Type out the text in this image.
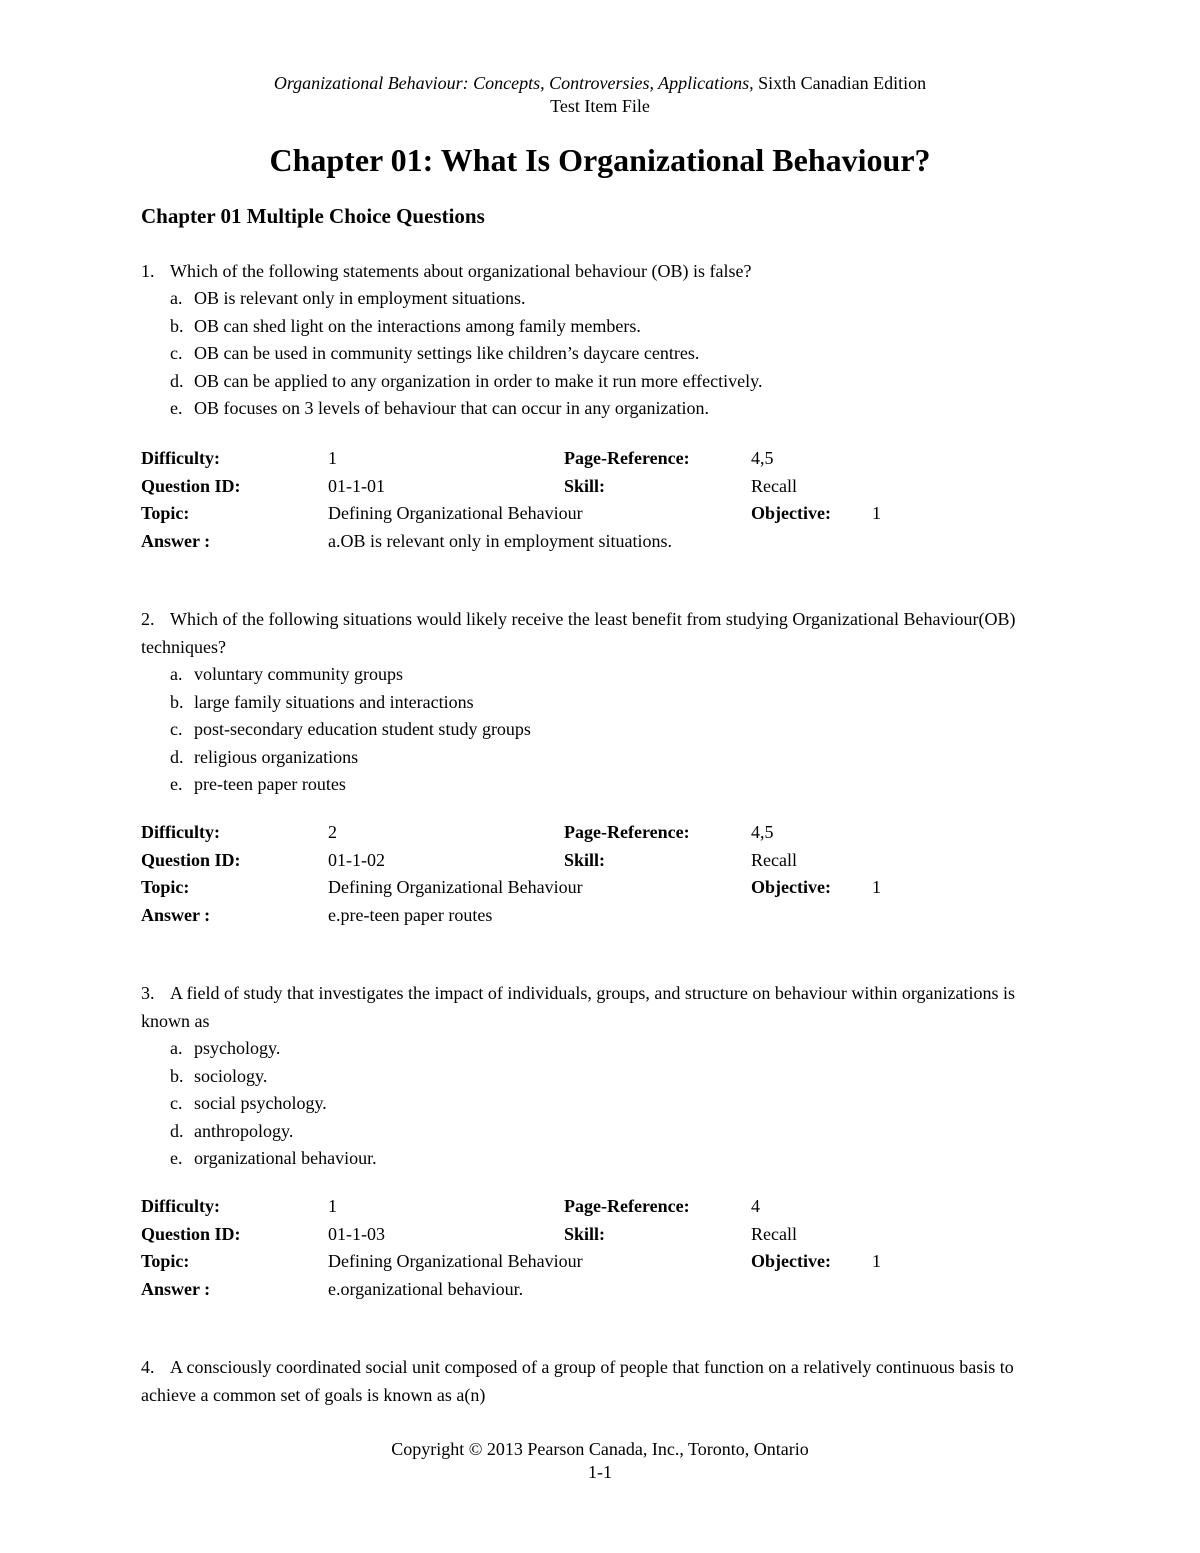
Organizational Behaviour: Concepts, Controversies, Applications, Sixth Canadian Edition
Test Item File
Chapter 01: What Is Organizational Behaviour?
Chapter 01 Multiple Choice Questions

1. Which of the following statements about organizational behaviour (OB) is false?

a. OB is relevant only in employment situations.
b. OB can shed light on the interactions among family members.
c. OB can be used in community settings like children’s daycare centres.
d. OB can be applied to any organization in order to make it run more effectively.
e. OB focuses on 3 levels of behaviour that can occur in any organization.
Difficulty:	1	Page-Reference:	4,5
Question ID:	01-1-01	Skill:	Recall
Topic:	Defining Organizational Behaviour	Objective: 1
Answer :	a.OB is relevant only in employment situations.

2. Which of the following situations would likely receive the least benefit from studying Organizational Behaviour(OB) techniques?

a. voluntary community groups
b. large family situations and interactions
c. post-secondary education student study groups
d. religious organizations
e. pre-teen paper routes
Difficulty:	2	Page-Reference:	4,5
Question ID:	01-1-02	Skill:	Recall
Topic:	Defining Organizational Behaviour	Objective: 1
Answer :	e.pre-teen paper routes

3. A field of study that investigates the impact of individuals, groups, and structure on behaviour within organizations is known as

a. psychology.
b. sociology.
c. social psychology.
d. anthropology.
e. organizational behaviour.
Difficulty:	1	Page-Reference:	4
Question ID:	01-1-03	Skill:	Recall
Topic:	Defining Organizational Behaviour	Objective: 1
Answer :	e.organizational behaviour.

4. A consciously coordinated social unit composed of a group of people that function on a relatively continuous basis to achieve a common set of goals is known as a(n)

Copyright © 2013 Pearson Canada, Inc., Toronto, Ontario
1-1
